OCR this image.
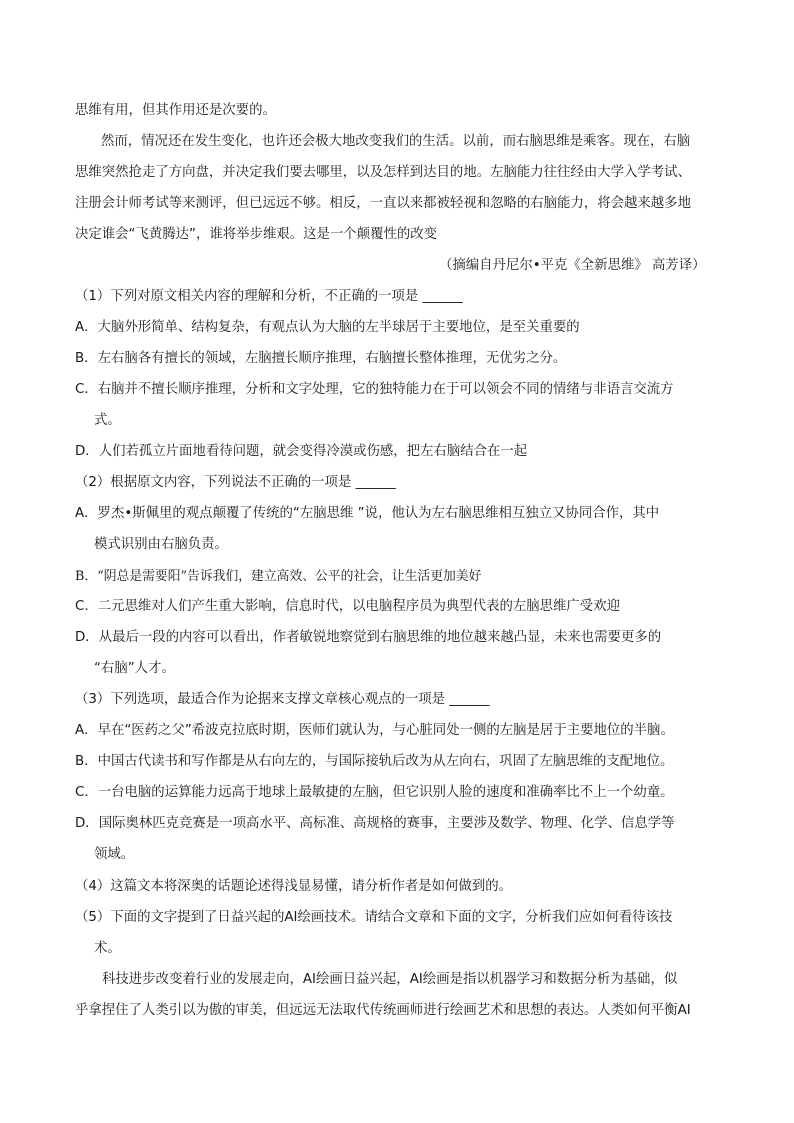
思维有用，但其作用还是次要的。
然而，情况还在发生变化，也许还会极大地改变我们的生活。以前，而右脑思维是乘客。现在，右脑
思维突然抢走了方向盘，并决定我们要去哪里，以及怎样到达目的地。左脑能力往往经由大学入学考试、
注册会计师考试等来测评，但已远远不够。相反，一直以来都被轻视和忽略的右脑能力，将会越来越多地
决定谁会“飞黄腾达”，谁将举步维艰。这是一个颠覆性的改变
（摘编自丹尼尔•平克《全新思维》 高芳译）
（1）下列对原文相关内容的理解和分析，不正确的一项是 ______
A．大脑外形简单、结构复杂，有观点认为大脑的左半球居于主要地位，是至关重要的
B．左右脑各有擅长的领域，左脑擅长顺序推理，右脑擅长整体推理，无优劣之分。
C．右脑并不擅长顺序推理，分析和文字处理，它的独特能力在于可以领会不同的情绪与非语言交流方
式。
D．人们若孤立片面地看待问题，就会变得冷漠或伤感，把左右脑结合在一起
（2）根据原文内容，下列说法不正确的一项是 ______
A．罗杰•斯佩里的观点颠覆了传统的“左脑思维 ”说，他认为左右脑思维相互独立又协同合作，其中
模式识别由右脑负责。
B．“阴总是需要阳”告诉我们，建立高效、公平的社会，让生活更加美好
C．二元思维对人们产生重大影响，信息时代，以电脑程序员为典型代表的左脑思维广受欢迎
D．从最后一段的内容可以看出，作者敏锐地察觉到右脑思维的地位越来越凸显，未来也需要更多的
“右脑”人才。
（3）下列选项，最适合作为论据来支撑文章核心观点的一项是 ______
A．早在“医药之父”希波克拉底时期，医师们就认为，与心脏同处一侧的左脑是居于主要地位的半脑。
B．中国古代读书和写作都是从右向左的，与国际接轨后改为从左向右，巩固了左脑思维的支配地位。
C．一台电脑的运算能力远高于地球上最敏捷的左脑，但它识别人脸的速度和准确率比不上一个幼童。
D．国际奥林匹克竞赛是一项高水平、高标准、高规格的赛事，主要涉及数学、物理、化学、信息学等
领域。
（4）这篇文本将深奥的话题论述得浅显易懂，请分析作者是如何做到的。
（5）下面的文字提到了日益兴起的AI绘画技术。请结合文章和下面的文字，分析我们应如何看待该技
术。
科技进步改变着行业的发展走向，AI绘画日益兴起，AI绘画是指以机器学习和数据分析为基础，似
乎拿捏住了人类引以为傲的审美，但远远无法取代传统画师进行绘画艺术和思想的表达。人类如何平衡AI
